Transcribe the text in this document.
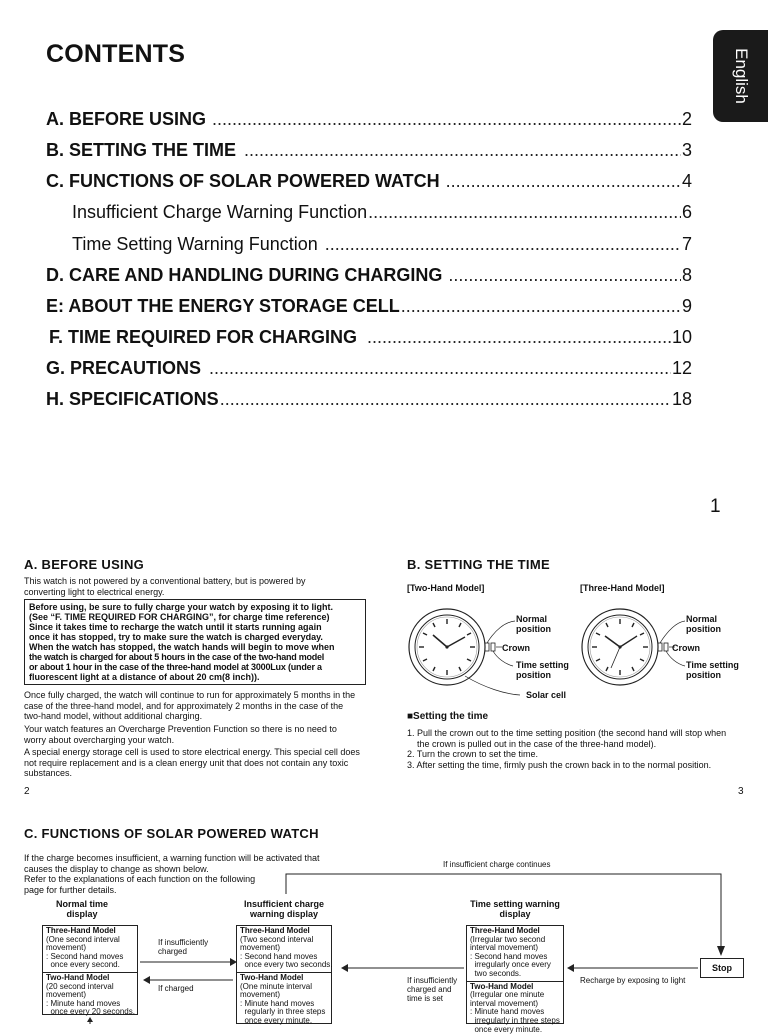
CONTENTS	English
A. BEFORE USING .....	2
B. SETTING THE TIME .....	3
C. FUNCTIONS OF SOLAR POWERED WATCH .....	4
Insufficient Charge Warning Function .....	6
Time Setting Warning Function .....	7
D. CARE AND HANDLING DURING CHARGING .....	8
E: ABOUT THE ENERGY STORAGE CELL .....	9
F. TIME REQUIRED FOR CHARGING .....	10
G. PRECAUTIONS .....	12
H. SPECIFICATIONS .....	18
1
A. BEFORE USING
This watch is not powered by a conventional battery, but is powered by converting light to electrical energy.
Before using, be sure to fully charge your watch by exposing it to light.
(See “F. TIME REQUIRED FOR CHARGING”, for charge time reference)
Since it takes time to recharge the watch until it starts running again
once it has stopped, try to make sure the watch is charged everyday.
When the watch has stopped, the watch hands will begin to move when
the watch is charged for about 5 hours in the case of the two-hand model
or about 1 hour in the case of the three-hand model at 3000Lux (under a
fluorescent light at a distance of about 20 cm(8 inch)).
Once fully charged, the watch will continue to run for approximately 5 months in the case of the three-hand model, and for approximately 2 months in the case of the two-hand model, without additional charging.
Your watch features an Overcharge Prevention Function so there is no need to worry about overcharging your watch.
A special energy storage cell is used to store electrical energy. This special cell does not require replacement and is a clean energy unit that does not contain any toxic substances.
2
B. SETTING THE TIME
[Two-Hand Model]	[Three-Hand Model]
Normal position
Crown
Time setting position
Solar cell
Normal position
Crown
Time setting position
■Setting the time
1. Pull the crown out to the time setting position (the second hand will stop when
the crown is pulled out in the case of the three-hand model).
2. Turn the crown to set the time.
3. After setting the time, firmly push the crown back in to the normal position.
3
C. FUNCTIONS OF SOLAR POWERED WATCH
If the charge becomes insufficient, a warning function will be activated that
causes the display to change as shown below.
Refer to the explanations of each function on the following
page for further details.
If insufficient charge continues
Normal time display
Insufficient charge warning display
Time setting warning display
Three-Hand Model
(One second interval
movement)
: Second hand moves
once every second.
Two-Hand Model
(20 second interval
movement)
: Minute hand moves
once every 20 seconds.
Three-Hand Model
(Two second interval
movement)
: Second hand moves
once every two seconds.
Two-Hand Model
(One minute interval
movement)
: Minute hand moves
regularly in three steps
once every minute.
Three-Hand Model
(Irregular two second
interval movement)
: Second hand moves
irregularly once every
two seconds.
Two-Hand Model
(Irregular one minute
interval movement)
: Minute hand moves
irregularly in three steps
once every minute.
If insufficiently charged
If charged
If insufficiently charged and time is set
Recharge by exposing to light
Stop
